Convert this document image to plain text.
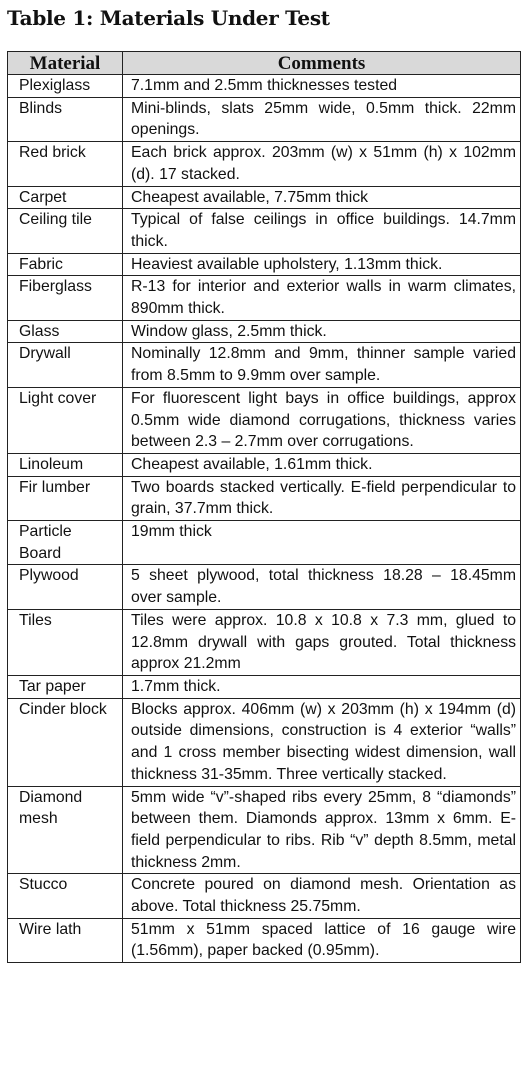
Table 1: Materials Under Test
Material	Comments
Plexiglass	7.1mm and 2.5mm thicknesses tested
Blinds	Mini-blinds, slats 25mm wide, 0.5mm thick. 22mm openings.
Red brick	Each brick approx. 203mm (w) x 51mm (h) x 102mm (d). 17 stacked.
Carpet	Cheapest available, 7.75mm thick
Ceiling tile	Typical of false ceilings in office buildings. 14.7mm thick.
Fabric	Heaviest available upholstery, 1.13mm thick.
Fiberglass	R-13 for interior and exterior walls in warm climates, 890mm thick.
Glass	Window glass, 2.5mm thick.
Drywall	Nominally 12.8mm and 9mm, thinner sample varied from 8.5mm to 9.9mm over sample.
Light cover	For fluorescent light bays in office buildings, approx 0.5mm wide diamond corrugations, thickness varies between 2.3 – 2.7mm over corrugations.
Linoleum	Cheapest available, 1.61mm thick.
Fir lumber	Two boards stacked vertically. E-field perpendicular to grain, 37.7mm thick.
Particle Board	19mm thick
Plywood	5 sheet plywood, total thickness 18.28 – 18.45mm over sample.
Tiles	Tiles were approx. 10.8 x 10.8 x 7.3 mm, glued to 12.8mm drywall with gaps grouted. Total thickness approx 21.2mm
Tar paper	1.7mm thick.
Cinder block	Blocks approx. 406mm (w) x 203mm (h) x 194mm (d) outside dimensions, construction is 4 exterior “walls” and 1 cross member bisecting widest dimension, wall thickness 31-35mm. Three vertically stacked.
Diamond mesh	5mm wide “v”-shaped ribs every 25mm, 8 “diamonds” between them. Diamonds approx. 13mm x 6mm. E-field perpendicular to ribs. Rib “v” depth 8.5mm, metal thickness 2mm.
Stucco	Concrete poured on diamond mesh. Orientation as above. Total thickness 25.75mm.
Wire lath	51mm x 51mm spaced lattice of 16 gauge wire (1.56mm), paper backed (0.95mm).
